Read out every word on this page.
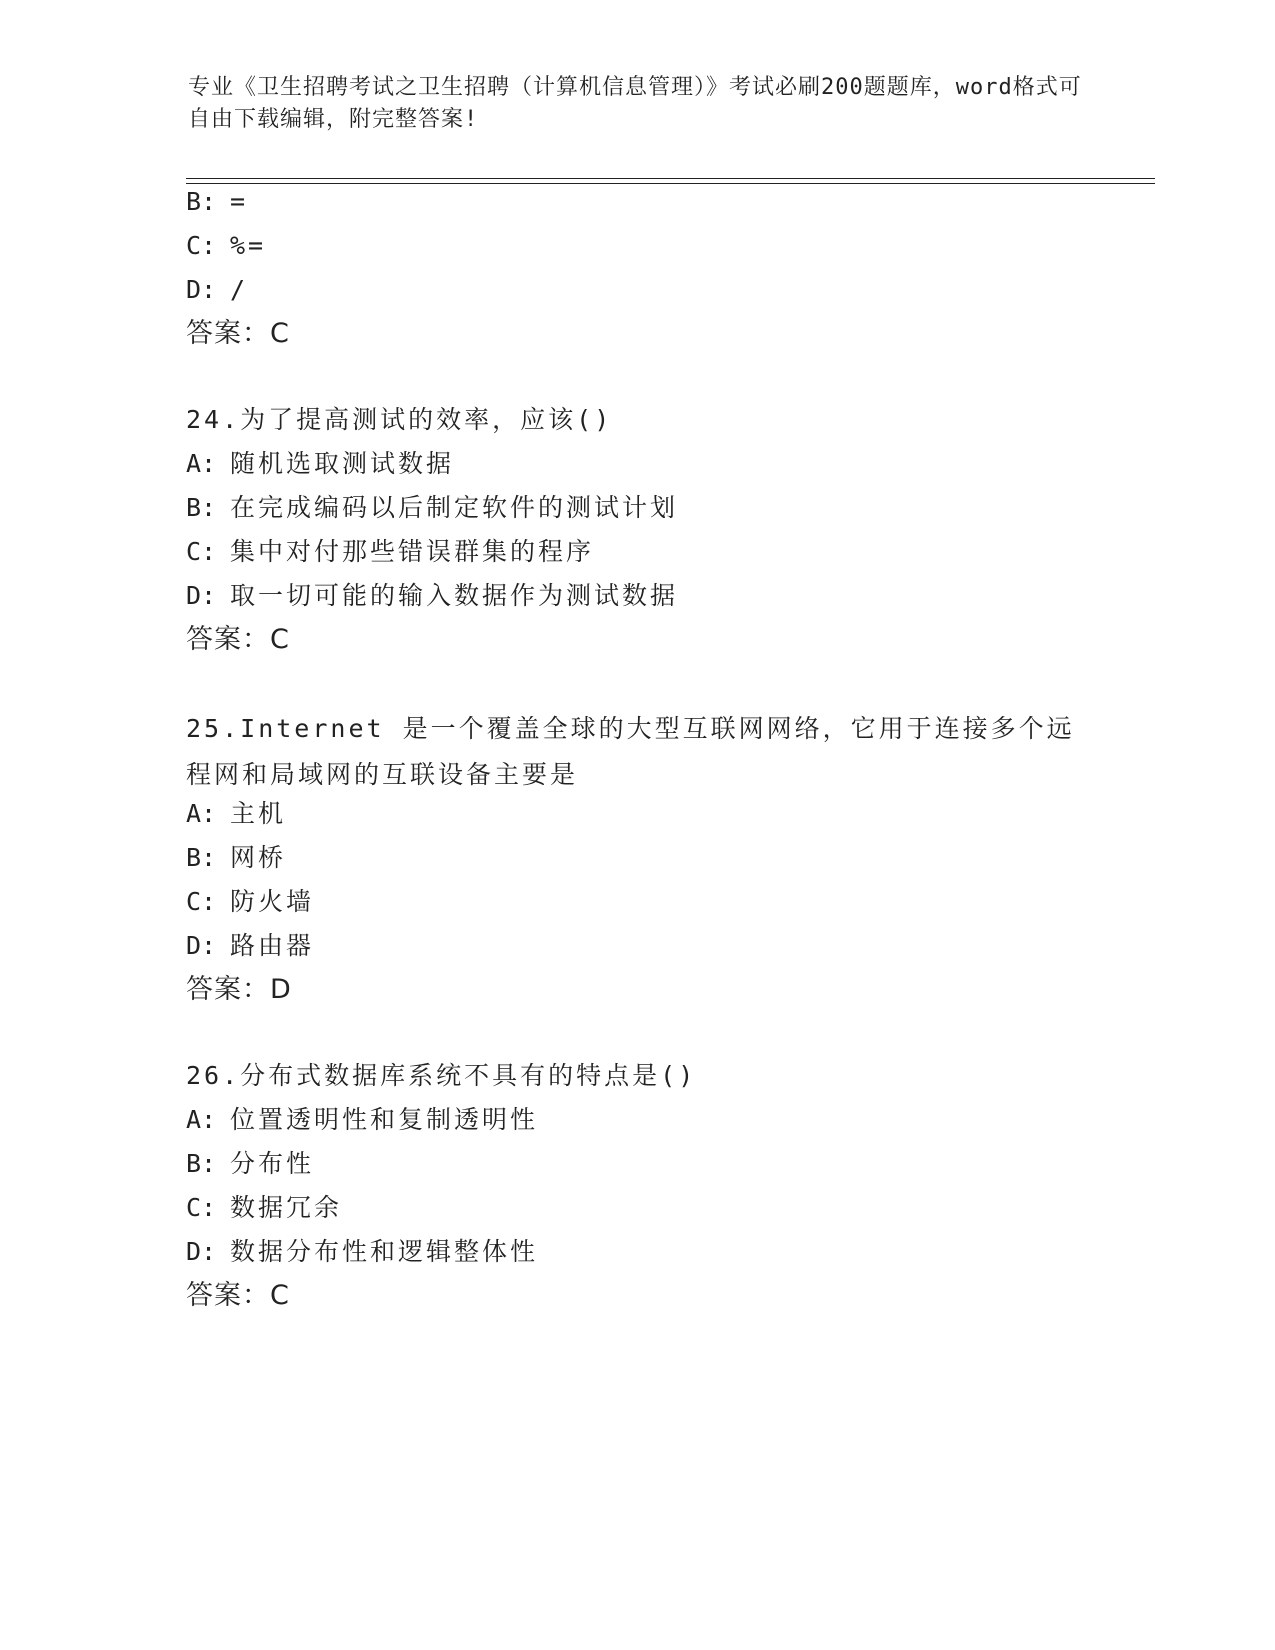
专业《卫生招聘考试之卫生招聘（计算机信息管理）》考试必刷200题题库，word格式可自由下载编辑，附完整答案!
B: =
C: %=
D: /
答案：C
24.为了提高测试的效率，应该()
A: 随机选取测试数据
B: 在完成编码以后制定软件的测试计划
C: 集中对付那些错误群集的程序
D: 取一切可能的输入数据作为测试数据
答案：C
25.Internet 是一个覆盖全球的大型互联网网络，它用于连接多个远程网和局域网的互联设备主要是
A: 主机
B: 网桥
C: 防火墙
D: 路由器
答案：D
26.分布式数据库系统不具有的特点是()
A: 位置透明性和复制透明性
B: 分布性
C: 数据冗余
D: 数据分布性和逻辑整体性
答案：C
